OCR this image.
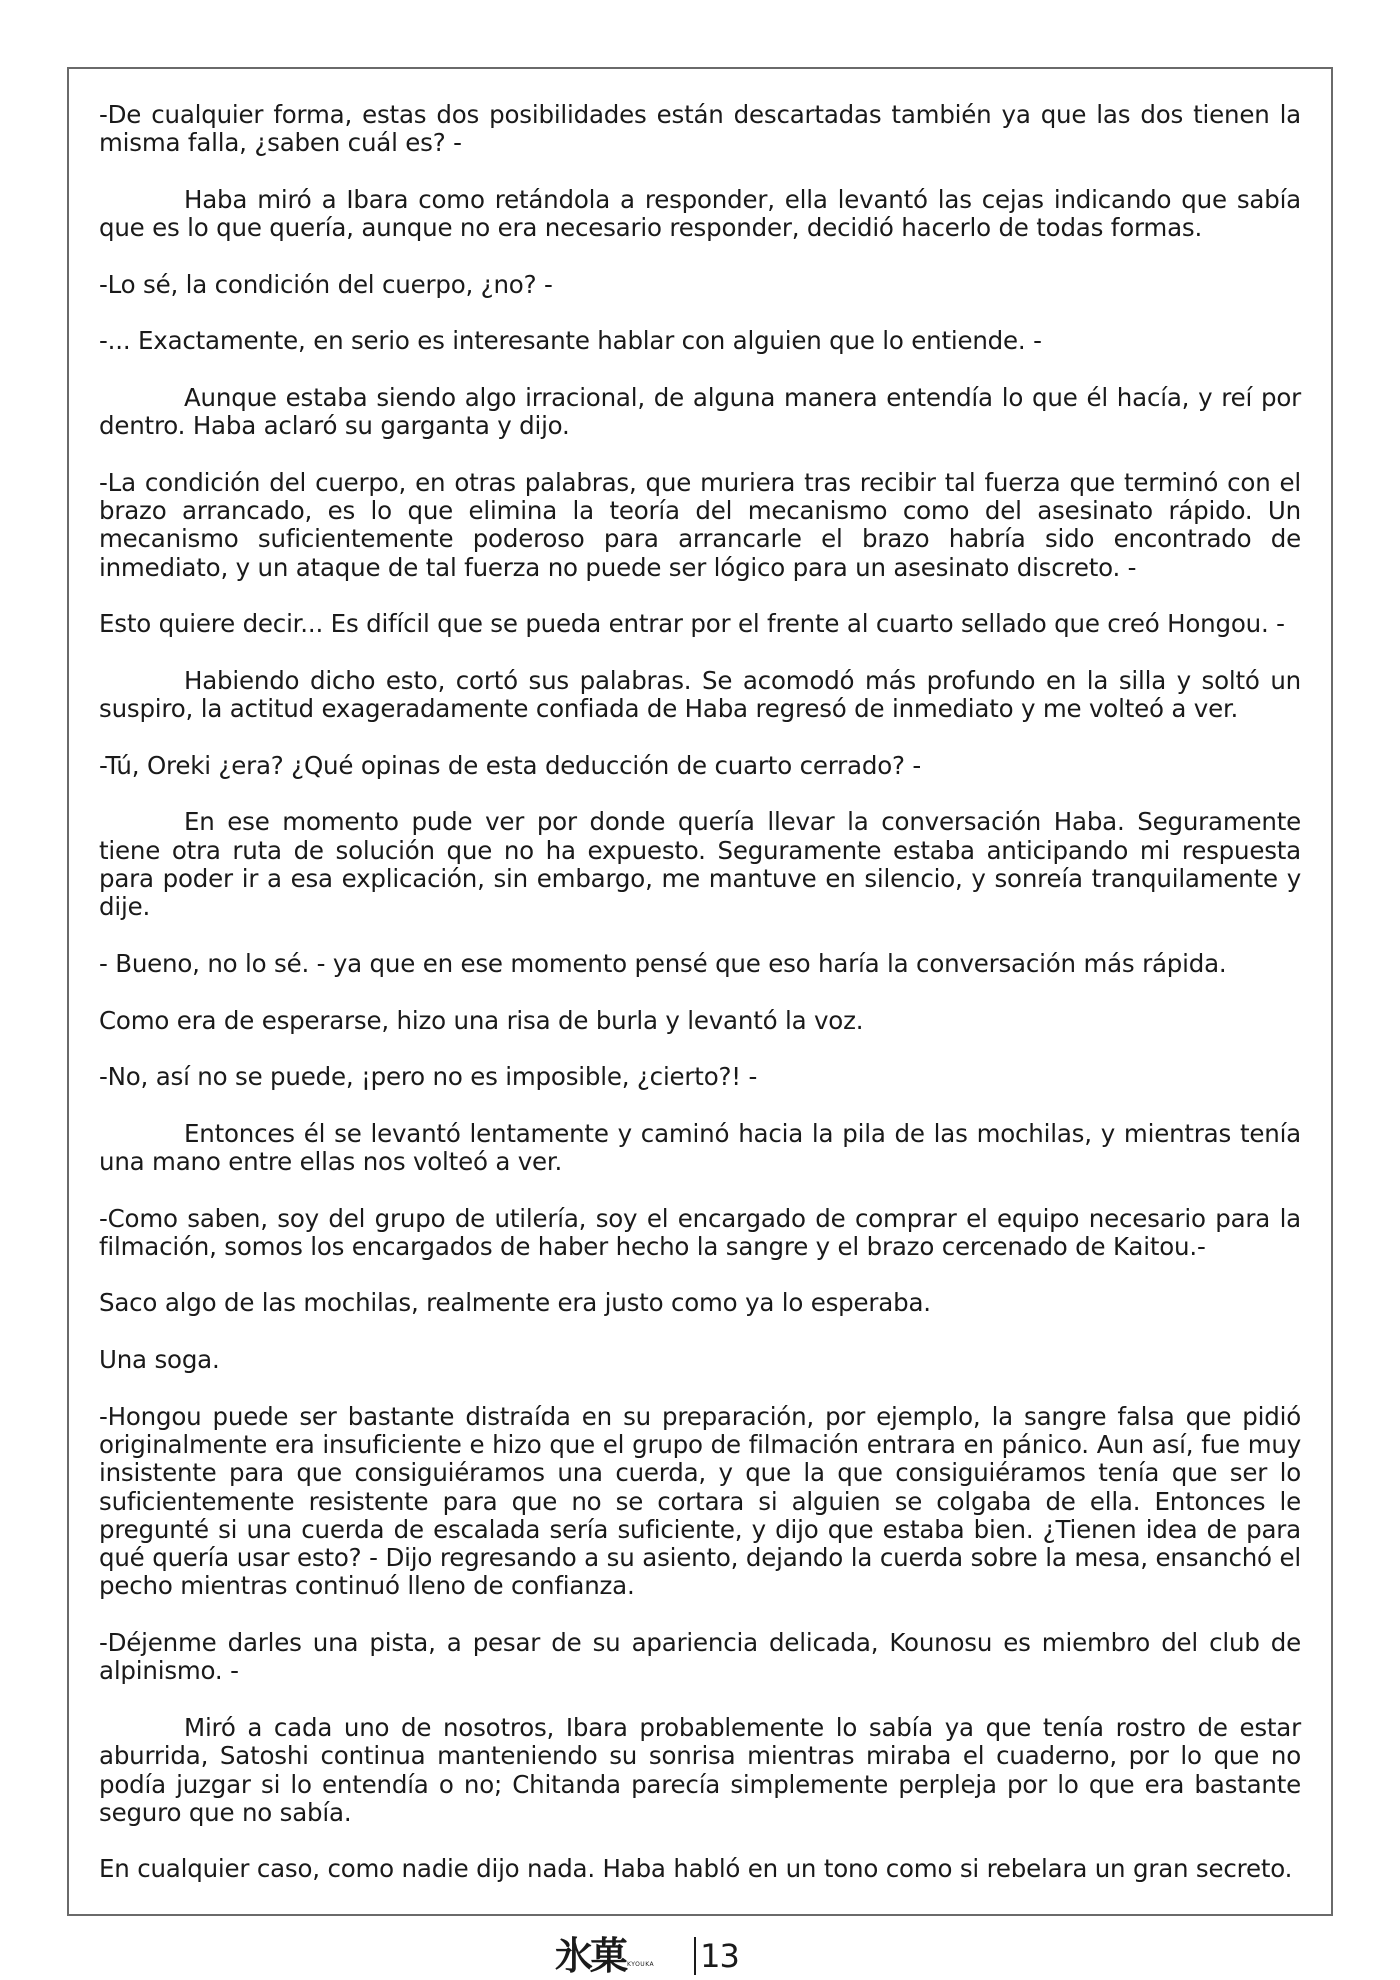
-De cualquier forma, estas dos posibilidades están descartadas también ya que las dos tienen la misma falla, ¿saben cuál es? -

Haba miró a Ibara como retándola a responder, ella levantó las cejas indicando que sabía que es lo que quería, aunque no era necesario responder, decidió hacerlo de todas formas.

-Lo sé, la condición del cuerpo, ¿no? -

-... Exactamente, en serio es interesante hablar con alguien que lo entiende. -

Aunque estaba siendo algo irracional, de alguna manera entendía lo que él hacía, y reí por dentro. Haba aclaró su garganta y dijo.

-La condición del cuerpo, en otras palabras, que muriera tras recibir tal fuerza que terminó con el brazo arrancado, es lo que elimina la teoría del mecanismo como del asesinato rápido. Un mecanismo suficientemente poderoso para arrancarle el brazo habría sido encontrado de inmediato, y un ataque de tal fuerza no puede ser lógico para un asesinato discreto. -

Esto quiere decir... Es difícil que se pueda entrar por el frente al cuarto sellado que creó Hongou. -

Habiendo dicho esto, cortó sus palabras. Se acomodó más profundo en la silla y soltó un suspiro, la actitud exageradamente confiada de Haba regresó de inmediato y me volteó a ver.

-Tú, Oreki ¿era? ¿Qué opinas de esta deducción de cuarto cerrado? -

En ese momento pude ver por donde quería llevar la conversación Haba. Seguramente tiene otra ruta de solución que no ha expuesto. Seguramente estaba anticipando mi respuesta para poder ir a esa explicación, sin embargo, me mantuve en silencio, y sonreía tranquilamente y dije.

- Bueno, no lo sé. - ya que en ese momento pensé que eso haría la conversación más rápida.

Como era de esperarse, hizo una risa de burla y levantó la voz.

-No, así no se puede, ¡pero no es imposible, ¿cierto?! -

Entonces él se levantó lentamente y caminó hacia la pila de las mochilas, y mientras tenía una mano entre ellas nos volteó a ver.

-Como saben, soy del grupo de utilería, soy el encargado de comprar el equipo necesario para la filmación, somos los encargados de haber hecho la sangre y el brazo cercenado de Kaitou.-

Saco algo de las mochilas, realmente era justo como ya lo esperaba.

Una soga.

-Hongou puede ser bastante distraída en su preparación, por ejemplo, la sangre falsa que pidió originalmente era insuficiente e hizo que el grupo de filmación entrara en pánico. Aun así, fue muy insistente para que consiguiéramos una cuerda, y que la que consiguiéramos tenía que ser lo suficientemente resistente para que no se cortara si alguien se colgaba de ella. Entonces le pregunté si una cuerda de escalada sería suficiente, y dijo que estaba bien. ¿Tienen idea de para qué quería usar esto? - Dijo regresando a su asiento, dejando la cuerda sobre la mesa, ensanchó el pecho mientras continuó lleno de confianza.

-Déjenme darles una pista, a pesar de su apariencia delicada, Kounosu es miembro del club de alpinismo. -

Miró a cada uno de nosotros, Ibara probablemente lo sabía ya que tenía rostro de estar aburrida, Satoshi continua manteniendo su sonrisa mientras miraba el cuaderno, por lo que no podía juzgar si lo entendía o no; Chitanda parecía simplemente perpleja por lo que era bastante seguro que no sabía.

En cualquier caso, como nadie dijo nada. Haba habló en un tono como si rebelara un gran secreto.

氷菓 KYOUKA 13
